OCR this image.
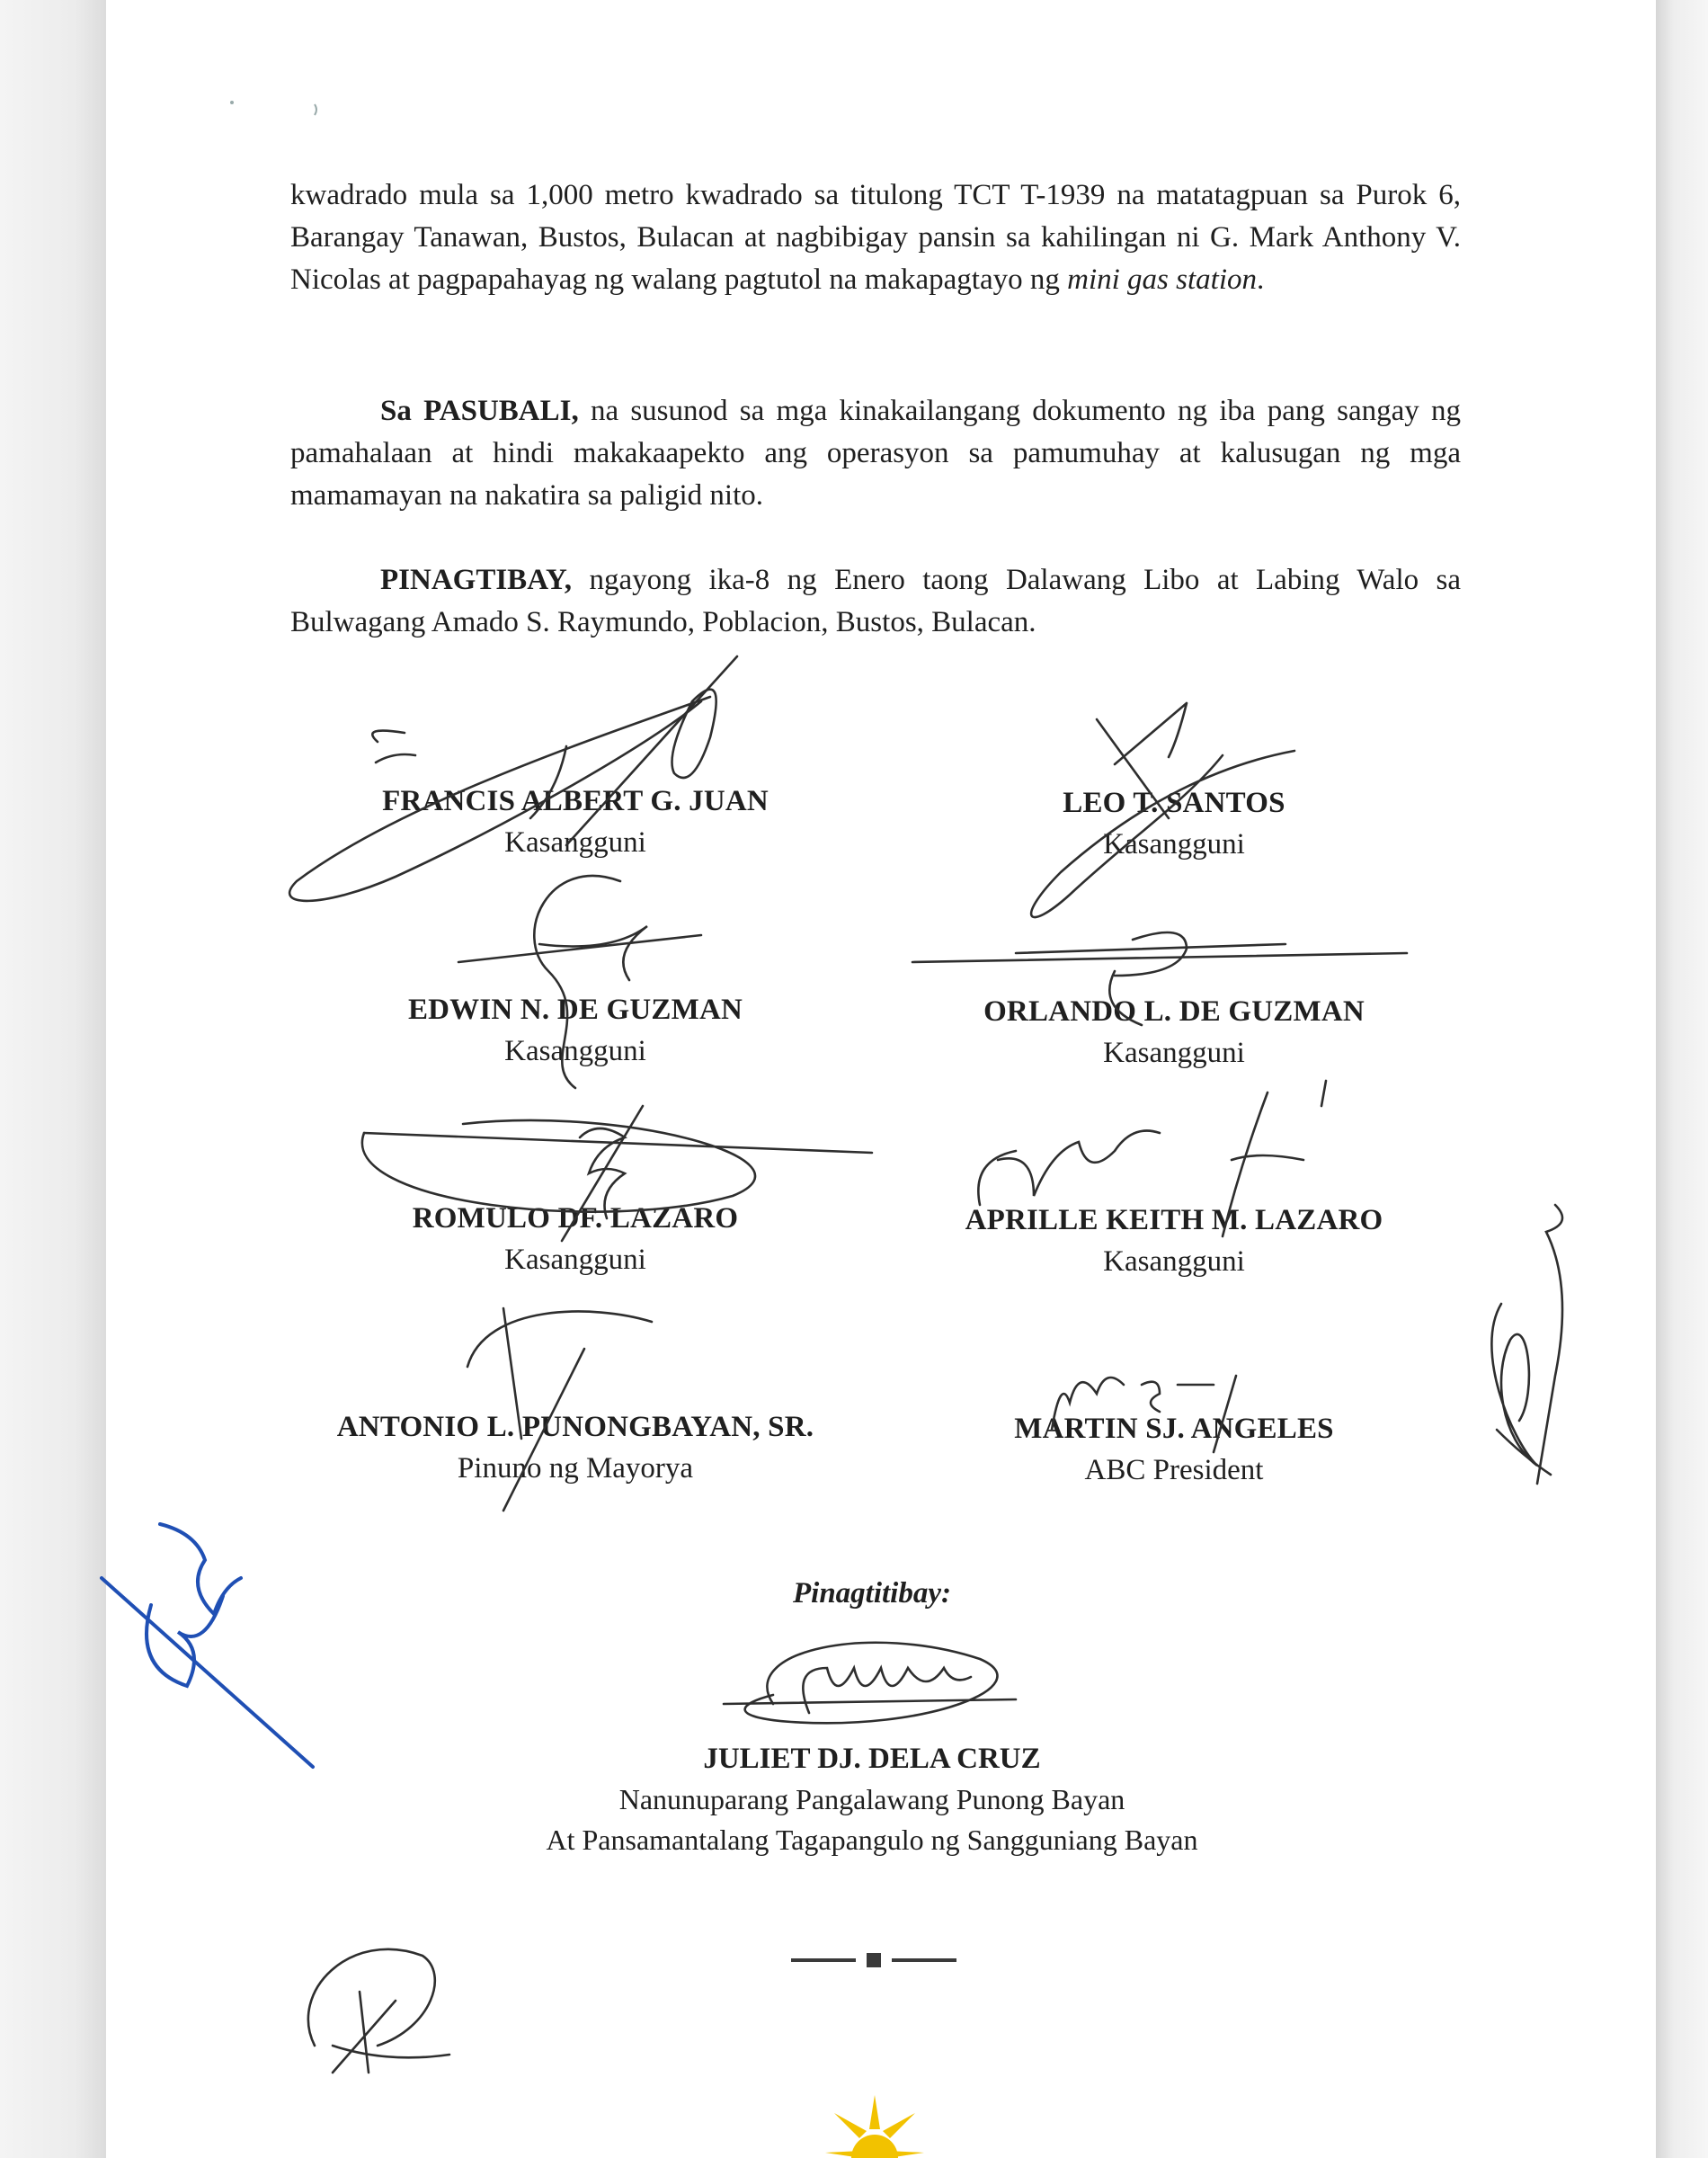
kwadrado mula sa 1,000 metro kwadrado sa titulong TCT T-1939 na matatagpuan sa Purok 6, Barangay Tanawan, Bustos, Bulacan at nagbibigay pansin sa kahilingan ni G. Mark Anthony V. Nicolas at pagpapahayag ng walang pagtutol na makapagtayo ng mini gas station.

Sa PASUBALI, na susunod sa mga kinakailangang dokumento ng iba pang sangay ng pamahalaan at hindi makakaapekto ang operasyon sa pamumuhay at kalusugan ng mga mamamayan na nakatira sa paligid nito.

PINAGTIBAY, ngayong ika-8 ng Enero taong Dalawang Libo at Labing Walo sa Bulwagang Amado S. Raymundo, Poblacion, Bustos, Bulacan.

FRANCIS ALBERT G. JUAN
Kasangguni
LEO T. SANTOS
Kasangguni
EDWIN N. DE GUZMAN
Kasangguni
ORLANDO L. DE GUZMAN
Kasangguni
ROMULO DF. LAZARO
Kasangguni
APRILLE KEITH M. LAZARO
Kasangguni
ANTONIO L. PUNONGBAYAN, SR.
Pinuno ng Mayorya
MARTIN SJ. ANGELES
ABC President
Pinagtitibay:
JULIET DJ. DELA CRUZ
Nanunuparang Pangalawang Punong Bayan
At Pansamantalang Tagapangulo ng Sangguniang Bayan
